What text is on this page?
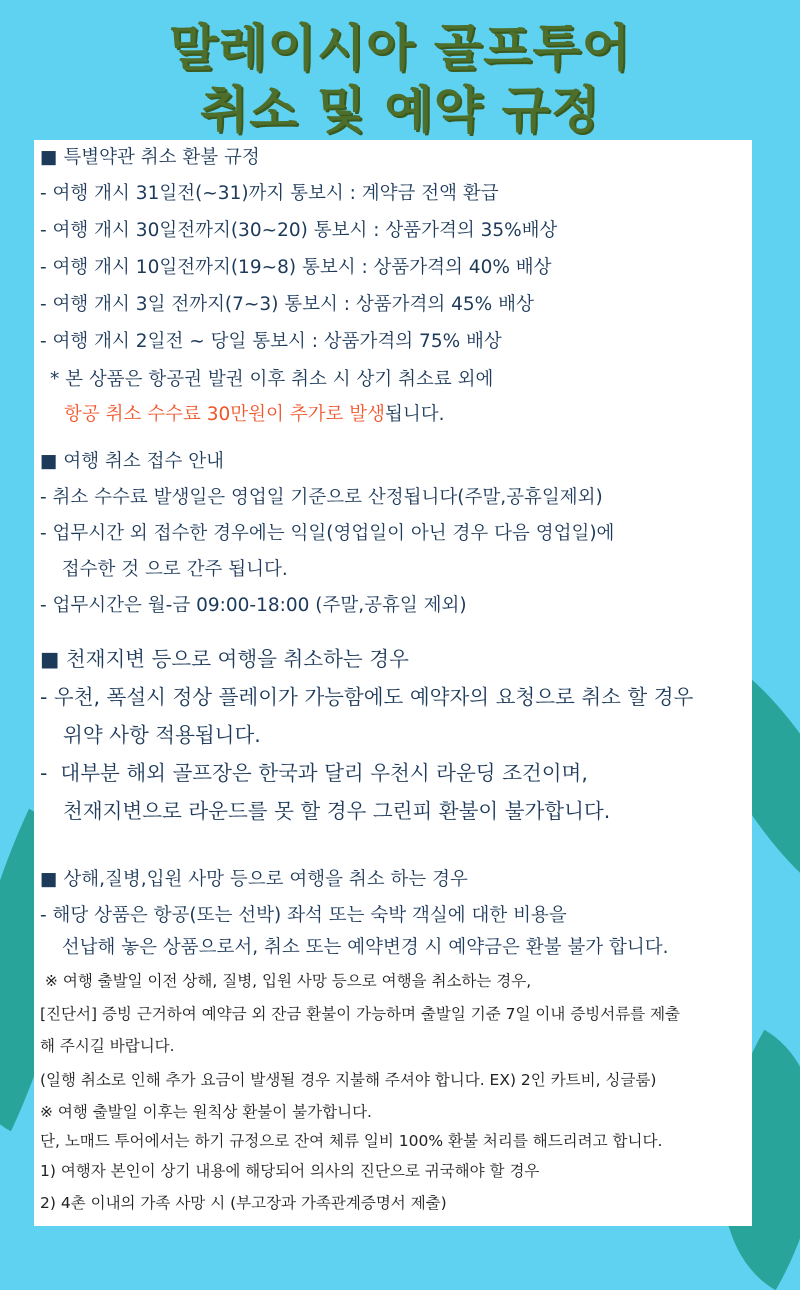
말레이시아 골프투어
취소 및 예약 규정
■ 특별약관 취소 환불 규정
- 여행 개시 31일전(~31)까지 통보시 : 계약금 전액 환급
- 여행 개시 30일전까지(30~20) 통보시 : 상품가격의 35%배상
- 여행 개시 10일전까지(19~8) 통보시 : 상품가격의 40% 배상
- 여행 개시 3일 전까지(7~3) 통보시 : 상품가격의 45% 배상
- 여행 개시 2일전 ~ 당일 통보시 : 상품가격의 75% 배상
* 본 상품은 항공권 발권 이후 취소 시 상기 취소료 외에
항공 취소 수수료 30만원이 추가로 발생됩니다.
■ 여행 취소 접수 안내
- 취소 수수료 발생일은 영업일 기준으로 산정됩니다(주말,공휴일제외)
- 업무시간 외 접수한 경우에는 익일(영업일이 아닌 경우 다음 영업일)에
접수한 것 으로 간주 됩니다.
- 업무시간은 월-금 09:00-18:00 (주말,공휴일 제외)
■ 천재지변 등으로 여행을 취소하는 경우
- 우천, 폭설시 정상 플레이가 가능함에도 예약자의 요청으로 취소 할 경우
위약 사항 적용됩니다.
-  대부분 해외 골프장은 한국과 달리 우천시 라운딩 조건이며,
천재지변으로 라운드를 못 할 경우 그린피 환불이 불가합니다.
■ 상해,질병,입원 사망 등으로 여행을 취소 하는 경우
- 해당 상품은 항공(또는 선박) 좌석 또는 숙박 객실에 대한 비용을
선납해 놓은 상품으로서, 취소 또는 예약변경 시 예약금은 환불 불가 합니다.
※ 여행 출발일 이전 상해, 질병, 입원 사망 등으로 여행을 취소하는 경우,
[진단서] 증빙 근거하여 예약금 외 잔금 환불이 가능하며 출발일 기준 7일 이내 증빙서류를 제출
해 주시길 바랍니다.
(일행 취소로 인해 추가 요금이 발생될 경우 지불해 주셔야 합니다. EX) 2인 카트비, 싱글룸)
※ 여행 출발일 이후는 원칙상 환불이 불가합니다.
단, 노매드 투어에서는 하기 규정으로 잔여 체류 일비 100% 환불 처리를 해드리려고 합니다.
1) 여행자 본인이 상기 내용에 해당되어 의사의 진단으로 귀국해야 할 경우
2) 4촌 이내의 가족 사망 시 (부고장과 가족관계증명서 제출)
